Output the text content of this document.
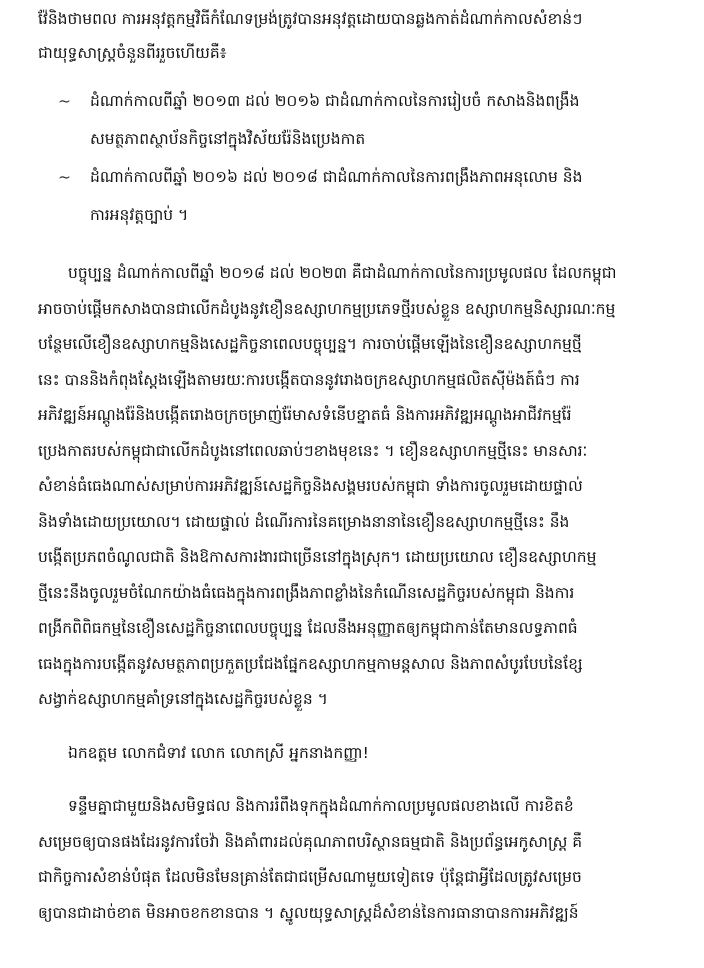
វ៉ែនិងថាមពល ការអនុវត្តកម្មវិធីកំណែទម្រង់ត្រូវបានអនុវត្តដោយបានឆ្លងកាត់ដំណាក់កាលសំខាន់ៗ

ជាយុទ្ធសាស្ត្រចំនួនពីររួចហើយគឺ៖

~ ដំណាក់កាលពីឆ្នាំ ២០១៣ ដល់ ២០១៦ ជាដំណាក់កាលនៃការរៀបចំ កសាងនិងពង្រឹង

សមត្ថភាពស្ថាប័នកិច្ចនៅក្នុងវិស័យរ៉ែនិងប្រេងកាត

~ ដំណាក់កាលពីឆ្នាំ ២០១៦ ដល់ ២០១៨ ជាដំណាក់កាលនៃការពង្រឹងភាពអនុលោម និង

ការអនុវត្តច្បាប់ ។

បច្ចុប្បន្ន ដំណាក់កាលពីឆ្នាំ ២០១៨ ដល់ ២០២៣ គឺជាដំណាក់កាលនៃការប្រមូលផល ដែលកម្ពុជា

អាចចាប់ផ្តើមកសាងបានជាលើកដំបូងនូវខឿនឧស្សាហកម្មប្រភេទថ្មីរបស់ខ្លួន ឧស្សាហកម្មនិស្សារណៈកម្ម

បន្ថែមលើខឿនឧស្សាហកម្មនិងសេដ្ឋកិច្ចនាពេលបច្ចុប្បន្ន។ ការចាប់ផ្តើមឡើងនៃខឿនឧស្សាហកម្មថ្មី

នេះ បាននិងកំពុងស្តែងឡើងតាមរយៈការបង្កើតបាននូវរោងចក្រឧស្សាហកម្មផលិតស៊ីម៉ងត៍ធំៗ ការ

អភិវឌ្ឍន៍អណ្តូងរ៉ែនិងបង្កើតរោងចក្រចម្រាញ់រ៉ែមាសទំនើបខ្នាតធំ និងការអភិវឌ្ឍអណ្តូងអាជីវកម្មរ៉ែ

ប្រេងកាតរបស់កម្ពុជាជាលើកដំបូងនៅពេលឆាប់ៗខាងមុខនេះ ។ ខឿនឧស្សាហកម្មថ្មីនេះ មានសារៈ

សំខាន់ធំធេងណាស់សម្រាប់ការអភិវឌ្ឍន៍សេដ្ឋកិច្ចនិងសង្គមរបស់កម្ពុជា ទាំងការចូលរួមដោយផ្ទាល់

និងទាំងដោយប្រយោល។ ដោយផ្ទាល់ ដំណើរការនៃគម្រោងនានានៃខឿនឧស្សាហកម្មថ្មីនេះ នឹង

បង្កើតប្រភពចំណូលជាតិ និងឱកាសការងារជាច្រើននៅក្នុងស្រុក។ ដោយប្រយោល ខឿនឧស្សាហកម្ម

ថ្មីនេះនឹងចូលរួមចំណែកយ៉ាងធំធេងក្នុងការពង្រឹងភាពខ្លាំងនៃកំណើនសេដ្ឋកិច្ចរបស់កម្ពុជា និងការ

ពង្រីកពិពិធកម្មនៃខឿនសេដ្ឋកិច្ចនាពេលបច្ចុប្បន្ន ដែលនឹងអនុញ្ញាតឲ្យកម្ពុជាកាន់តែមានលទ្ធភាពធំ

ធេងក្នុងការបង្កើតនូវសមត្ថភាពប្រកួតប្រជែងផ្នែកឧស្សាហកម្មកាមន្តសាល និងភាពសំបូរបែបនៃខ្សែ

សង្វាក់ឧស្សាហកម្មគាំទ្រនៅក្នុងសេដ្ឋកិច្ចរបស់ខ្លួន ។

ឯកឧត្តម លោកជំទាវ លោក លោកស្រី អ្នកនាងកញ្ញា!

ទន្ទឹមគ្នាជាមួយនិងសមិទ្ធផល និងការរំពឹងទុកក្នុងដំណាក់កាលប្រមូលផលខាងលើ ការខិតខំ

សម្រេចឲ្យបានផងដែរនូវការចែវ៉ា និងគាំពារដល់គុណភាពបរិស្ថានធម្មជាតិ និងប្រព័ន្ធអេកូសាស្ត្រ គឺ

ជាកិច្ចការសំខាន់បំផុត ដែលមិនមែនគ្រាន់តែជាជម្រើសណាមួយទៀតទេ ប៉ុន្តែជាអ្វីដែលត្រូវសម្រេច

ឲ្យបានជាដាច់ខាត មិនអាចខកខានបាន ។ ស្នូលយុទ្ធសាស្ត្រដ៏សំខាន់នៃការធានាបានការអភិវឌ្ឍន៍
